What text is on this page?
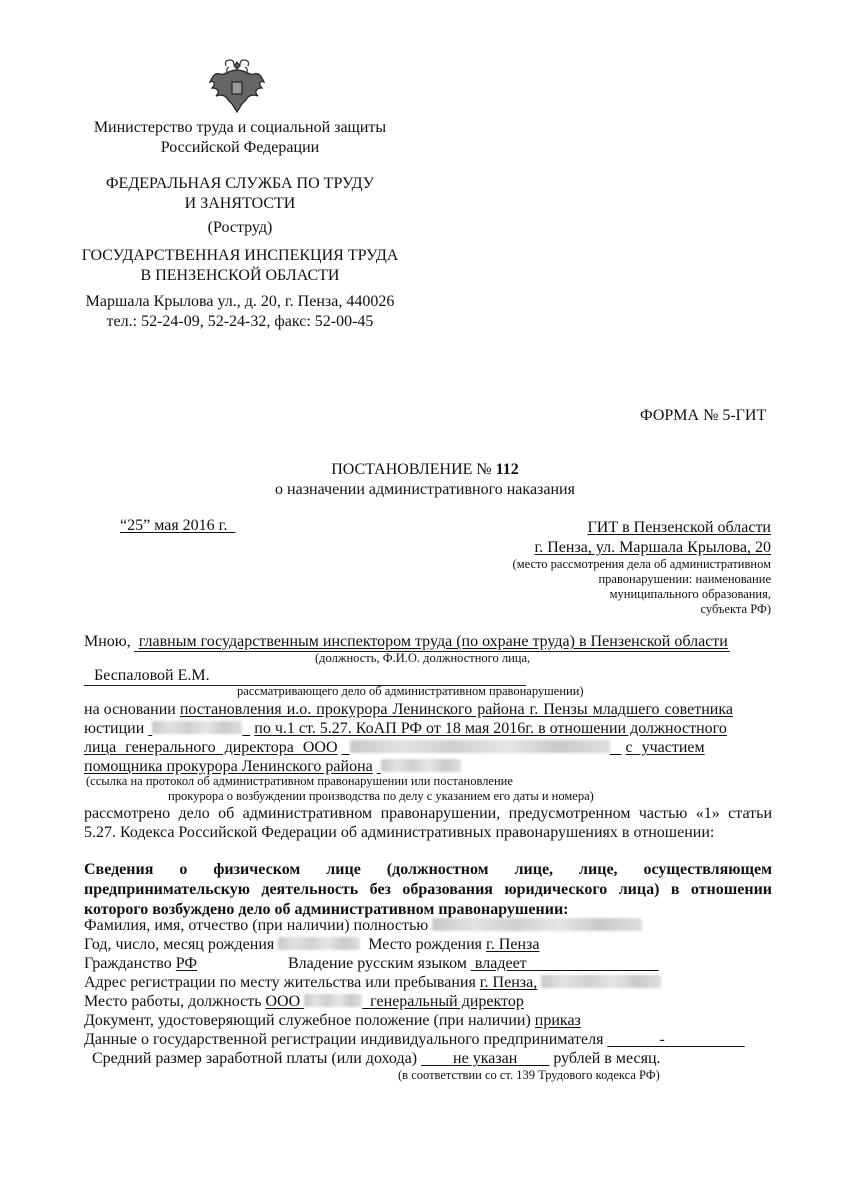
Министерство труда и социальной защиты
Российской Федерации
ФЕДЕРАЛЬНАЯ СЛУЖБА ПО ТРУДУ
И ЗАНЯТОСТИ
(Роструд)
ГОСУДАРСТВЕННАЯ ИНСПЕКЦИЯ ТРУДА
В ПЕНЗЕНСКОЙ ОБЛАСТИ
Маршала Крылова ул., д. 20, г. Пенза, 440026
тел.: 52-24-09, 52-24-32, факс: 52-00-45
ФОРМА № 5-ГИТ
ПОСТАНОВЛЕНИЕ № 112
о назначении административного наказания
“25” мая 2016 г.	ГИТ в Пензенской области
г. Пенза, ул. Маршала Крылова, 20
(место рассмотрения дела об административном
правонарушении: наименование
муниципального образования,
субъекта РФ)
Мною, главным государственным инспектором труда (по охране труда) в Пензенской области
(должность, Ф.И.О. должностного лица,
Беспаловой Е.М.
рассматривающего дело об административном правонарушении)
на основании постановления и.о. прокурора Ленинского района г. Пензы младшего советника
юстиции	по ч.1 ст. 5.27. КоАП РФ от 18 мая 2016г. в отношении должностного
лица генерального директора ООО	с участием
помощника прокурора Ленинского района
(ссылка на протокол об административном правонарушении или постановление
прокурора о возбуждении производства по делу с указанием его даты и номера)
рассмотрено дело об административном правонарушении, предусмотренном частью «1» статьи
5.27. Кодекса Российской Федерации об административных правонарушениях в отношении:
Сведения о физическом лице (должностном лице, лице, осуществляющем
предпринимательскую деятельность без образования юридического лица) в отношении
которого возбуждено дело об административном правонарушении:
Фамилия, имя, отчество (при наличии) полностью
Год, число, месяц рождения	Место рождения г. Пенза
Гражданство РФ	Владение русским языком владеет
Адрес регистрации по месту жительства или пребывания г. Пенза,
Место работы, должность ООО	генеральный директор
Документ, удостоверяющий служебное положение (при наличии) приказ
Данные о государственной регистрации индивидуального предпринимателя	-
Средний размер заработной платы (или дохода) не указан рублей в месяц.
(в соответствии со ст. 139 Трудового кодекса РФ)
